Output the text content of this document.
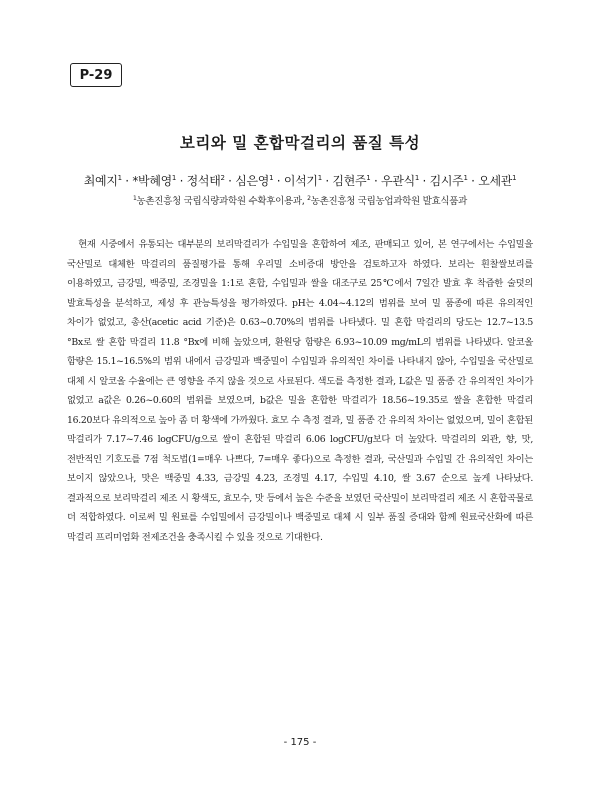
P-29
보리와 밀 혼합막걸리의 품질 특성
최예지$^1$ · *박혜영$^1$ · 정석태$^2$ · 심은영$^1$ · 이석기$^1$ · 김현주$^1$ · 우관식$^1$ · 김시주$^1$ · 오세관$^1$
$^1$농촌진흥청 국립식량과학원 수확후이용과, $^2$농촌진흥청 국립농업과학원 발효식품과

현재 시중에서 유통되는 대부분의 보리막걸리가 수입밀을 혼합하여 제조, 판매되고 있어, 본 연구에서는 수입밀을 국산밀로 대체한 막걸리의 품질평가를 통해 우리밀 소비증대 방안을 검토하고자 하였다. 보리는 흰찰쌀보리를 이용하였고, 금강밀, 백중밀, 조경밀을 1:1로 혼합, 수입밀과 쌀을 대조구로 25℃에서 7일간 발효 후 착즙한 술덧의 발효특성을 분석하고, 제성 후 관능특성을 평가하였다. pH는 4.04~4.12의 범위를 보여 밀 품종에 따른 유의적인 차이가 없었고, 총산(acetic acid 기준)은 0.63~0.70%의 범위를 나타냈다. 밀 혼합 막걸리의 당도는 12.7~13.5 °Bx로 쌀 혼합 막걸리 11.8 °Bx에 비해 높았으며, 환원당 함량은 6.93~10.09 mg/mL의 범위를 나타냈다. 알코올 함량은 15.1~16.5%의 범위 내에서 금강밀과 백중밀이 수입밀과 유의적인 차이를 나타내지 않아, 수입밀을 국산밀로 대체 시 알코올 수율에는 큰 영향을 주지 않을 것으로 사료된다. 색도를 측정한 결과, L값은 밀 품종 간 유의적인 차이가 없었고 a값은 0.26~0.60의 범위를 보였으며, b값은 밀을 혼합한 막걸리가 18.56~19.35로 쌀을 혼합한 막걸리 16.20보다 유의적으로 높아 좀 더 황색에 가까웠다. 효모 수 측정 결과, 밀 품종 간 유의적 차이는 없었으며, 밀이 혼합된 막걸리가 7.17~7.46 logCFU/g으로 쌀이 혼합된 막걸리 6.06 logCFU/g보다 더 높았다. 막걸리의 외관, 향, 맛, 전반적인 기호도를 7점 척도법(1=매우 나쁘다, 7=매우 좋다)으로 측정한 결과, 국산밀과 수입밀 간 유의적인 차이는 보이지 않았으나, 맛은 백중밀 4.33, 금강밀 4.23, 조경밀 4.17, 수입밀 4.10, 쌀 3.67 순으로 높게 나타났다. 결과적으로 보리막걸리 제조 시 황색도, 효모수, 맛 등에서 높은 수준을 보였던 국산밀이 보리막걸리 제조 시 혼합곡물로 더 적합하였다. 이로써 밀 원료를 수입밀에서 금강밀이나 백중밀로 대체 시 일부 품질 증대와 함께 원료국산화에 따른 막걸리 프리미엄화 전제조건을 충족시킬 수 있을 것으로 기대한다.

- 175 -
